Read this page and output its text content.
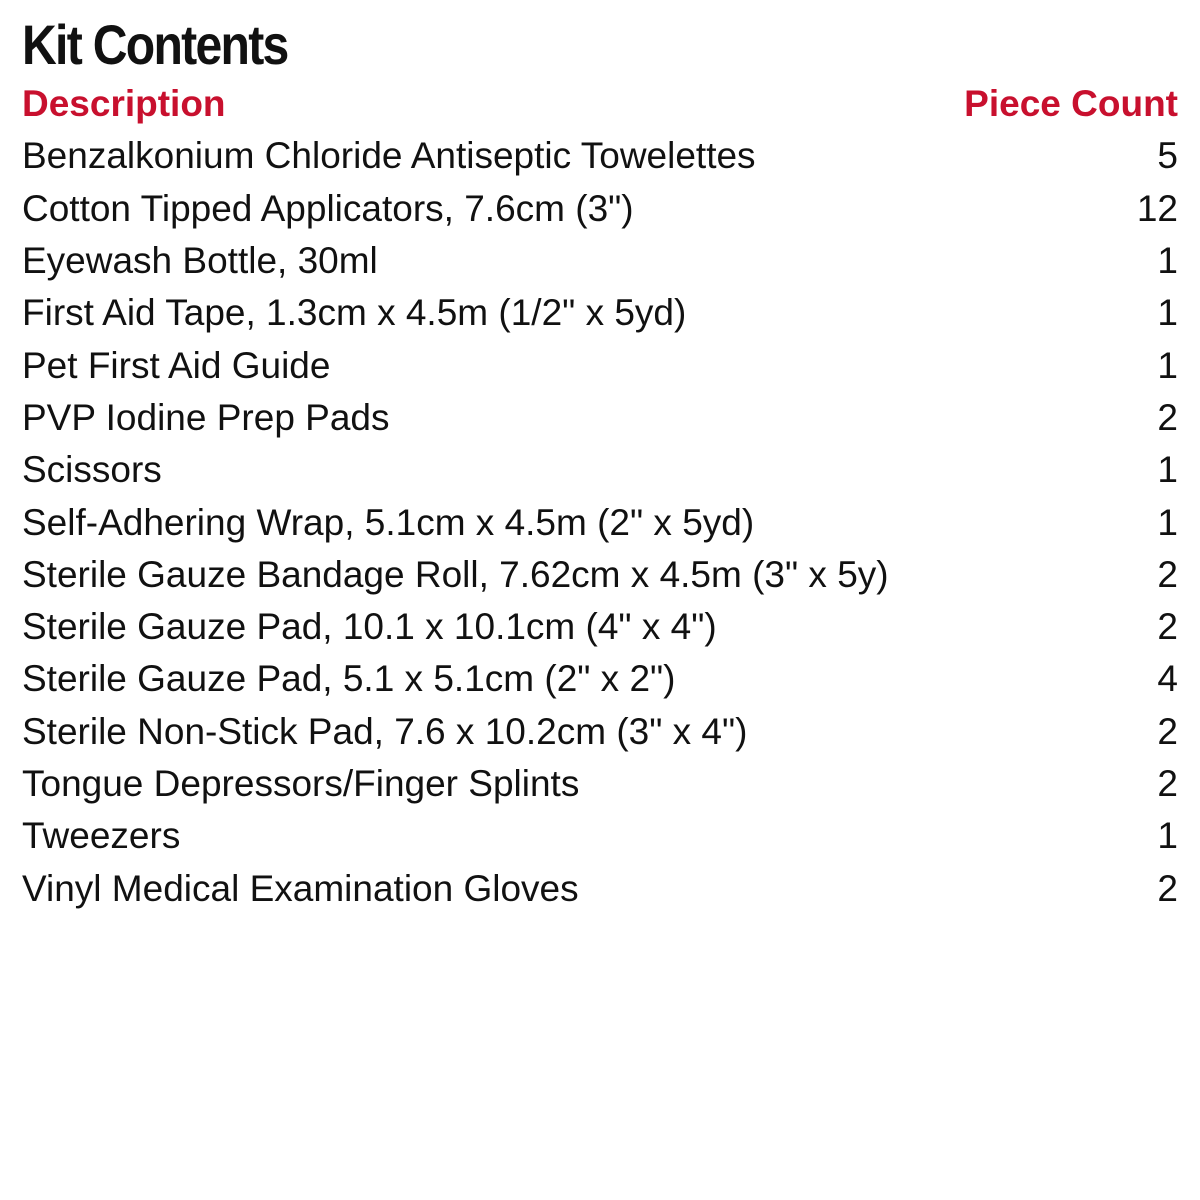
Kit Contents
Description	Piece Count
Benzalkonium Chloride Antiseptic Towelettes	5
Cotton Tipped Applicators, 7.6cm (3")	12
Eyewash Bottle, 30ml	1
First Aid Tape, 1.3cm x 4.5m (1/2" x 5yd)	1
Pet First Aid Guide	1
PVP Iodine Prep Pads	2
Scissors	1
Self-Adhering Wrap, 5.1cm x 4.5m (2" x 5yd)	1
Sterile Gauze Bandage Roll, 7.62cm x 4.5m (3" x 5y)	2
Sterile Gauze Pad, 10.1 x 10.1cm (4" x 4")	2
Sterile Gauze Pad, 5.1 x 5.1cm (2" x 2")	4
Sterile Non-Stick Pad, 7.6 x 10.2cm (3" x 4")	2
Tongue Depressors/Finger Splints	2
Tweezers	1
Vinyl Medical Examination Gloves	2
